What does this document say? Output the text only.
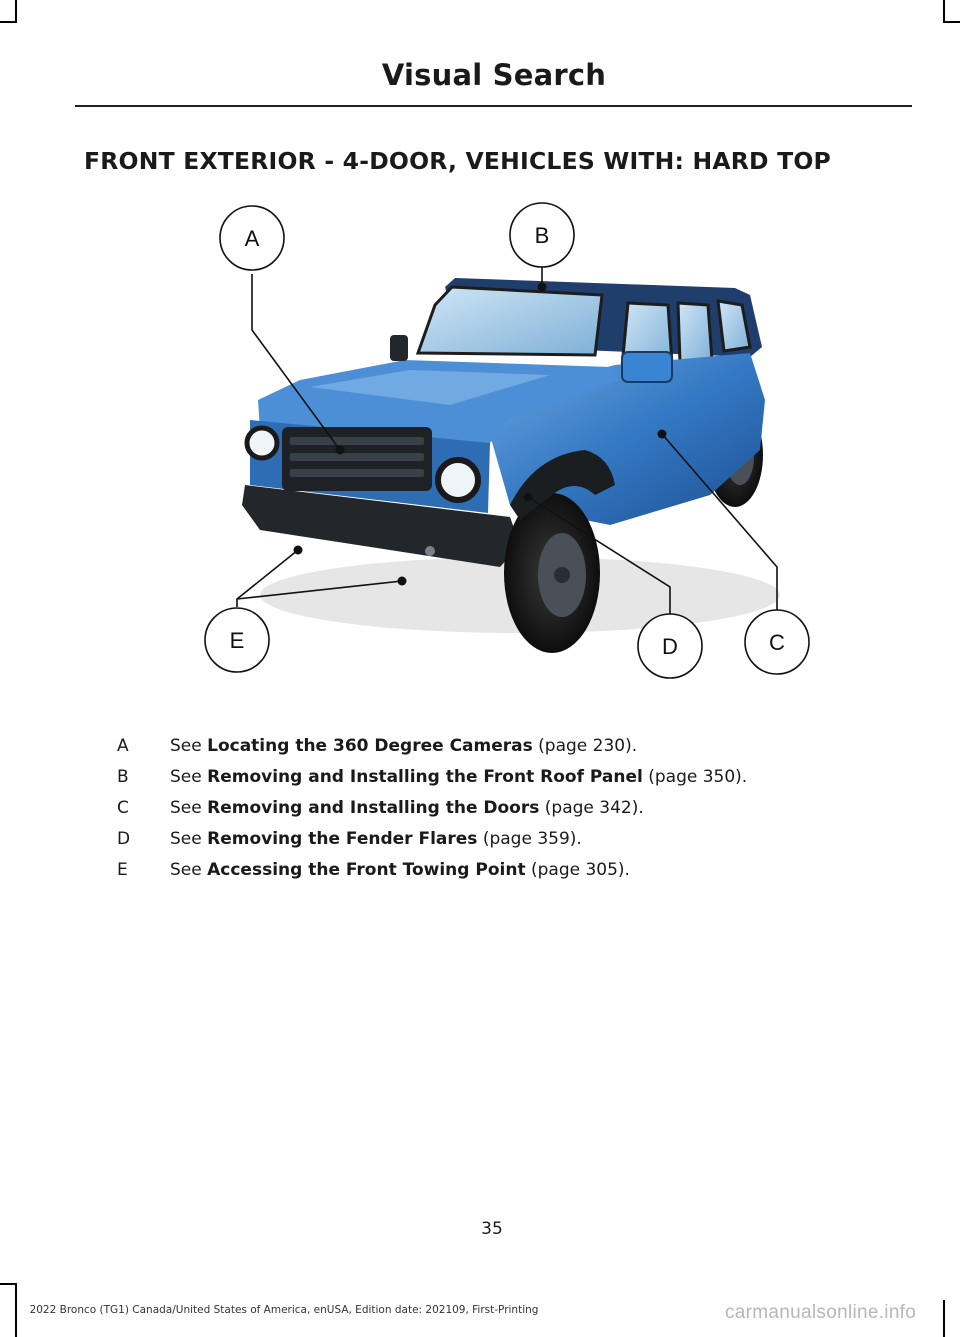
Visual Search
FRONT EXTERIOR - 4-DOOR, VEHICLES WITH: HARD TOP
A	B
C
D
E
A	See Locating the 360 Degree Cameras (page 230).
B	See Removing and Installing the Front Roof Panel (page 350).
C	See Removing and Installing the Doors (page 342).
D	See Removing the Fender Flares (page 359).
E	See Accessing the Front Towing Point (page 305).
35
2022 Bronco (TG1) Canada/United States of America, enUSA, Edition date: 202109, First-Printing	carmanualsonline.info
